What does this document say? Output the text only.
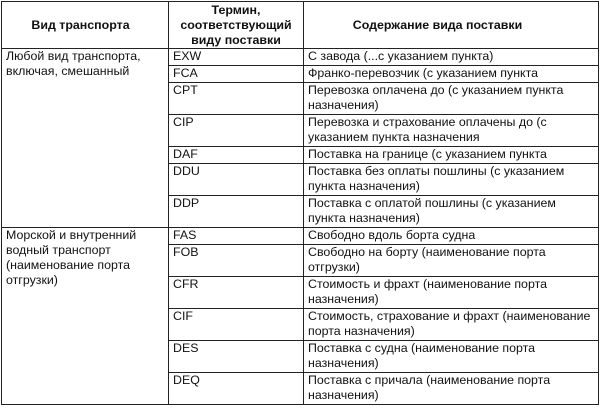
Вид транспорта	Термин, соответствующий виду поставки	Содержание вида поставки
Любой вид транспорта, включая, смешанный	EXW	С завода (...с указанием пункта)
	FCA	Франко-перевозчик (с указанием пункта
	CPT	Перевозка оплачена до (с указанием пункта назначения)
	CIP	Перевозка и страхование оплачены до (с указанием пункта назначения
	DAF	Поставка на границе (с указанием пункта
	DDU	Поставка без оплаты пошлины (с указанием пункта назначения)
	DDP	Поставка с оплатой пошлины (с указанием пункта назначения)
Морской и внутренний водный транспорт (наименование порта отгрузки)	FAS	Свободно вдоль борта судна
	FOB	Свободно на борту (наименование порта отгрузки)
	CFR	Стоимость и фрахт (наименование порта назначения)
	CIF	Стоимость, страхование и фрахт (наименование порта назначения)
	DES	Поставка с судна (наименование порта назначения)
	DEQ	Поставка с причала (наименование порта назначения)
